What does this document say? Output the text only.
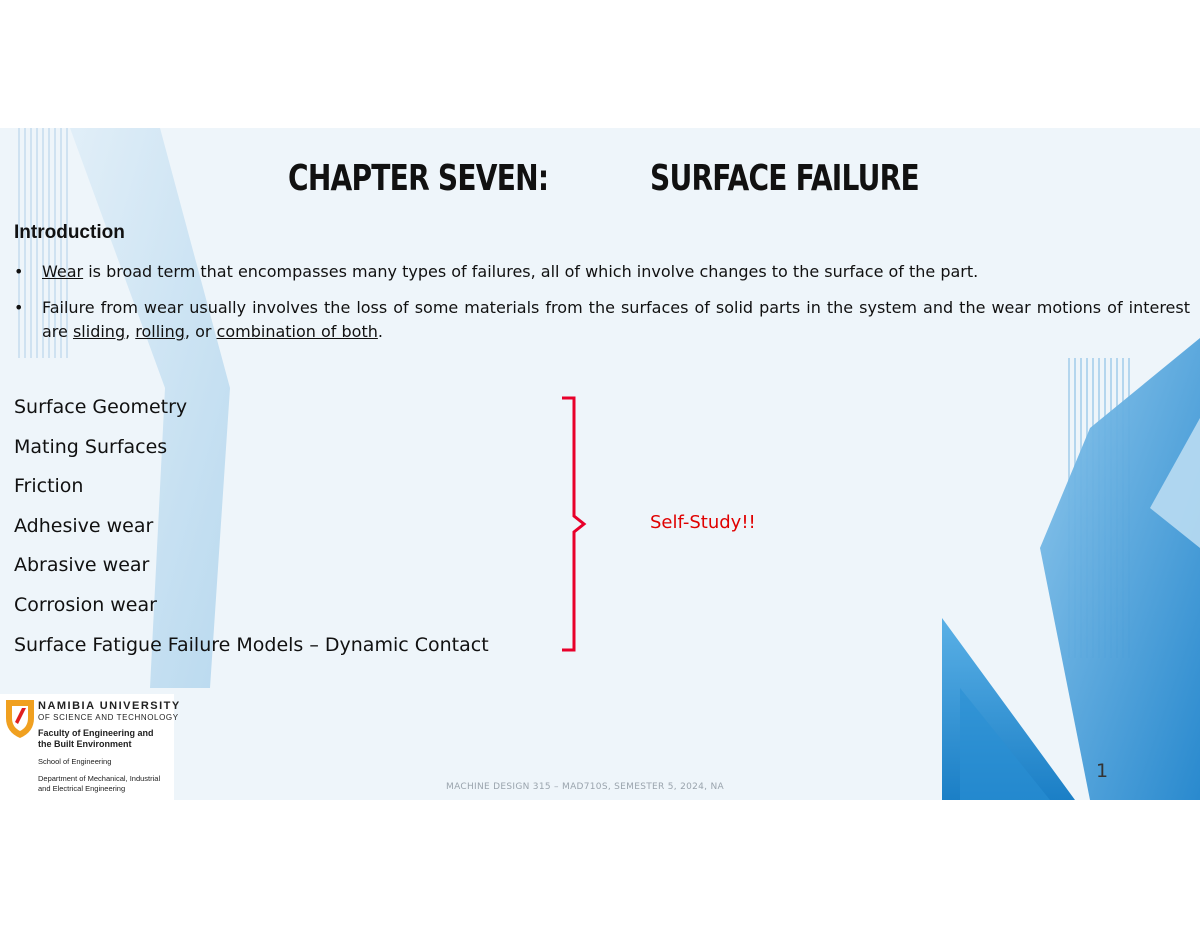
CHAPTER SEVEN:	SURFACE FAILURE
Introduction
• Wear is broad term that encompasses many types of failures, all of which involve changes to the surface of the part.
• Failure from wear usually involves the loss of some materials from the surfaces of solid parts in the system and the wear motions of interest are sliding, rolling, or combination of both.
Surface Geometry
Mating Surfaces
Friction
Adhesive wear
Abrasive wear
Corrosion wear
Surface Fatigue Failure Models – Dynamic Contact
Self-Study!!
NAMIBIA UNIVERSITY
OF SCIENCE AND TECHNOLOGY
Faculty of Engineering and
the Built Environment
School of Engineering
Department of Mechanical, Industrial
and Electrical Engineering	MACHINE DESIGN 315 – MAD710S, SEMESTER 5, 2024, NA
1
